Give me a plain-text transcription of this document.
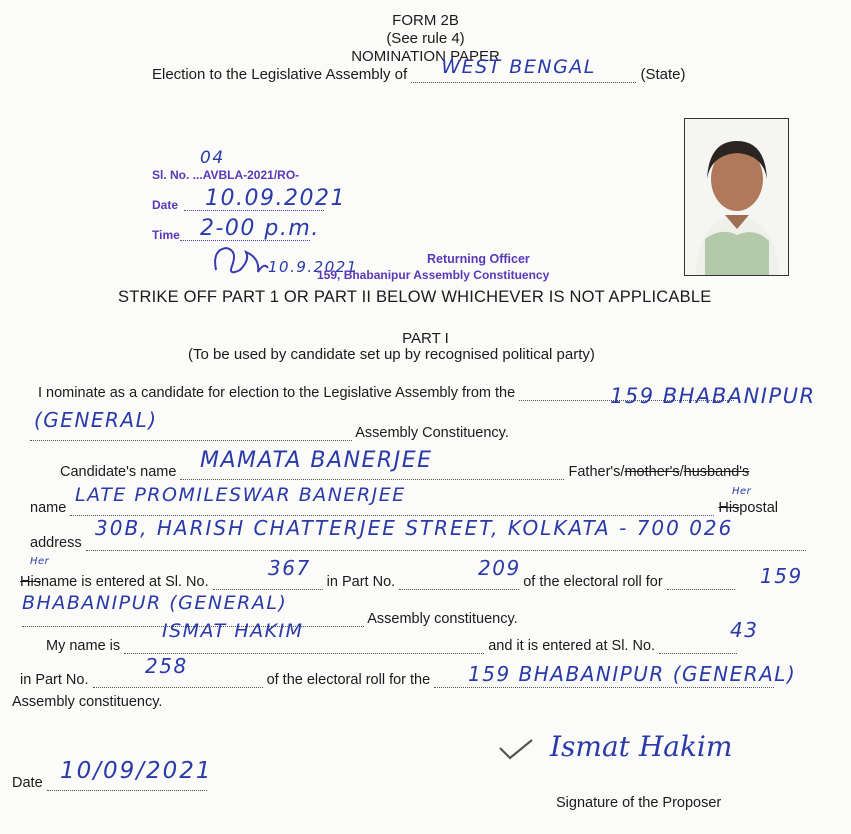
FORM 2B
(See rule 4)
NOMINATION PAPER
Election to the Legislative Assembly of WEST BENGAL	(State)
Sl. No. ...AVBLA-2021/RO-
04
Date 10.09.2021
Time 2-00 p.m.
10.9.2021	Returning Officer
159, Bhabanipur Assembly Constituency
STRIKE OFF PART 1 OR PART II BELOW WHICHEVER IS NOT APPLICABLE
PART I
(To be used by candidate set up by recognised political party)
I nominate as a candidate for election to the Legislative Assembly from the	159 BHABANIPUR
Assembly Constituency.
(GENERAL)
Candidate's name	Father's/mother's/husband's
MAMATA BANERJEE
name	Hispostal
LATE PROMILESWAR BANERJEE	Her
address
30B, HARISH CHATTERJEE STREET, KOLKATA - 700 026
Hisname is entered at Sl. No.	in Part No.	of the electoral roll for
Her	367	209	159
Assembly constituency.
BHABANIPUR (GENERAL)
My name is	and it is entered at Sl. No.
ISMAT HAKIM	43
in Part No.	of the electoral roll for the
258	159 BHABANIPUR (GENERAL)
Assembly constituency.
Date 10/09/2021
Ismat Hakim
Signature of the Proposer
